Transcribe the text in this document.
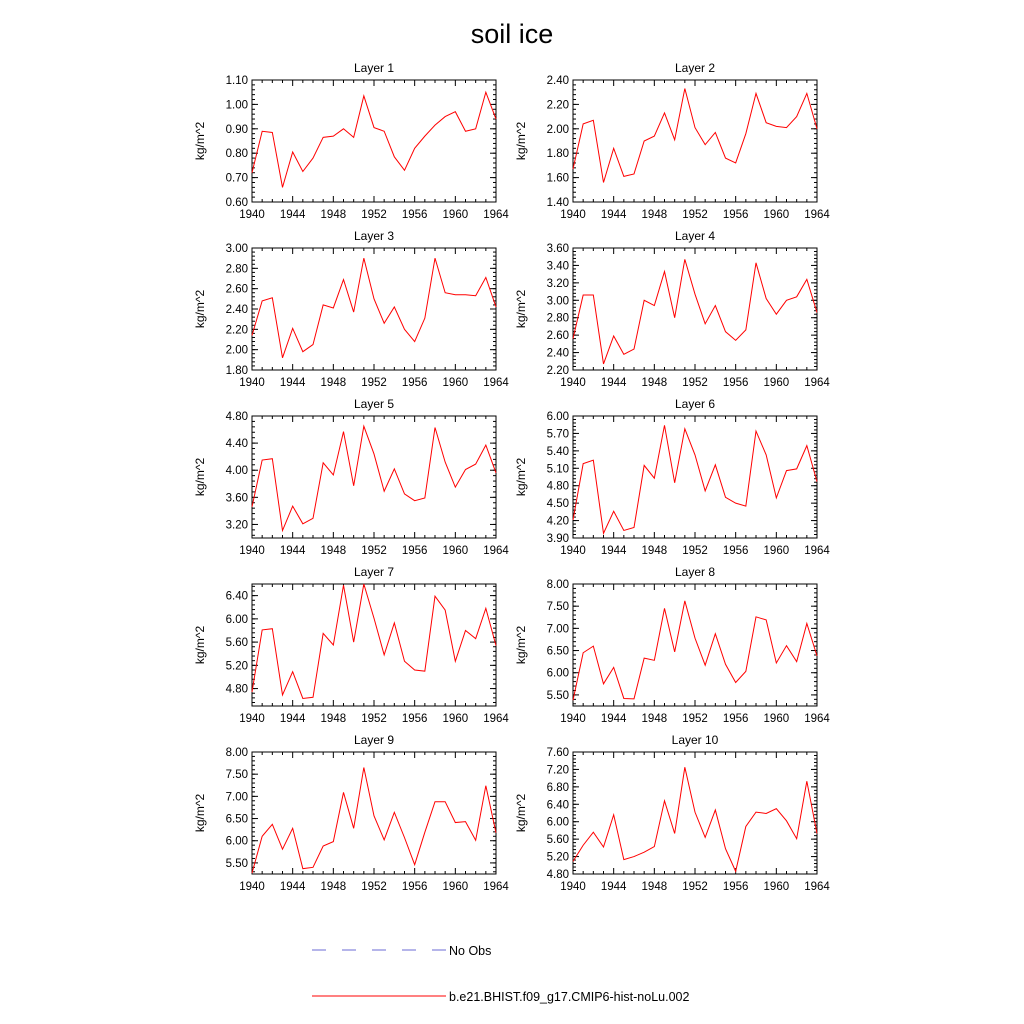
soil ice
Layer 1
kg/m^2
1940 1944 1948 1952 1956 1960 1964
0.60
0.70
0.80
0.90
1.00
1.10
Layer 2
kg/m^2
1940 1944 1948 1952 1956 1960 1964
1.40
1.60
1.80
2.00
2.20
2.40
Layer 3
kg/m^2
1940 1944 1948 1952 1956 1960 1964
1.80
2.00
2.20
2.40
2.60
2.80
3.00
Layer 4
kg/m^2
1940 1944 1948 1952 1956 1960 1964
2.20
2.40
2.60
2.80
3.00
3.20
3.40
3.60
Layer 5
kg/m^2
1940 1944 1948 1952 1956 1960 1964
3.20
3.60
4.00
4.40
4.80
Layer 6
kg/m^2
1940 1944 1948 1952 1956 1960 1964
3.90
4.20
4.50
4.80
5.10
5.40
5.70
6.00
Layer 7
kg/m^2
1940 1944 1948 1952 1956 1960 1964
4.80
5.20
5.60
6.00
6.40
Layer 8
kg/m^2
1940 1944 1948 1952 1956 1960 1964
5.50
6.00
6.50
7.00
7.50
8.00
Layer 9
kg/m^2
1940 1944 1948 1952 1956 1960 1964
5.50
6.00
6.50
7.00
7.50
8.00
Layer 10
kg/m^2
1940 1944 1948 1952 1956 1960 1964
4.80
5.20
5.60
6.00
6.40
6.80
7.20
7.60
No Obs
b.e21.BHIST.f09_g17.CMIP6-hist-noLu.002
